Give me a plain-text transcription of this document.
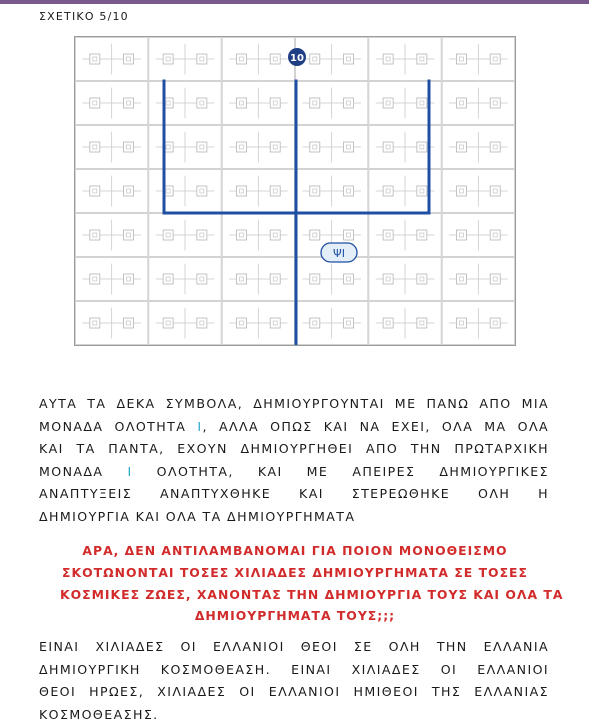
ΣΧΕΤΙΚΟ 5/10
10
ΨΙ
ΑΥΤΑ ΤΑ ΔΕΚΑ ΣΥΜΒΟΛΑ, ΔΗΜΙΟΥΡΓΟΥΝΤΑΙ ΜΕ ΠΑΝΩ ΑΠΟ ΜΙΑ
ΜΟΝΑΔΑ ΟΛΟΤΗΤΑ Ι, ΑΛΛΑ ΟΠΩΣ ΚΑΙ ΝΑ ΕΧΕΙ, ΟΛΑ ΜΑ ΟΛΑ
ΚΑΙ ΤΑ ΠΑΝΤΑ, ΕΧΟΥΝ ΔΗΜΙΟΥΡΓΗΘΕΙ ΑΠΟ ΤΗΝ ΠΡΩΤΑΡΧΙΚΗ
ΜΟΝΑΔΑ Ι ΟΛΟΤΗΤΑ, ΚΑΙ ΜΕ ΑΠΕΙΡΕΣ ΔΗΜΙΟΥΡΓΙΚΕΣ
ΑΝΑΠΤΥΞΕΙΣ ΑΝΑΠΤΥΧΘΗΚΕ ΚΑΙ ΣΤΕΡΕΩΘΗΚΕ ΟΛΗ Η
ΔΗΜΙΟΥΡΓΙΑ ΚΑΙ ΟΛΑ ΤΑ ΔΗΜΙΟΥΡΓΗΜΑΤΑ
ΑΡΑ, ΔΕΝ ΑΝΤΙΛΑΜΒΑΝΟΜΑΙ ΓΙΑ ΠΟΙΟΝ ΜΟΝΟΘΕΙΣΜΟ
ΣΚΟΤΩΝΟΝΤΑΙ ΤΟΣΕΣ ΧΙΛΙΑΔΕΣ ΔΗΜΙΟΥΡΓΗΜΑΤΑ ΣΕ ΤΟΣΕΣ
ΚΟΣΜΙΚΕΣ ΖΩΕΣ, ΧΑΝΟΝΤΑΣ ΤΗΝ ΔΗΜΙΟΥΡΓΙΑ ΤΟΥΣ ΚΑΙ ΟΛΑ ΤΑ
ΔΗΜΙΟΥΡΓΗΜΑΤΑ ΤΟΥΣ;;;
ΕΙΝΑΙ ΧΙΛΙΑΔΕΣ ΟΙ ΕΛΛΑΝΙΟΙ ΘΕΟΙ ΣΕ ΟΛΗ ΤΗΝ ΕΛΛΑΝΙΑ
ΔΗΜΙΟΥΡΓΙΚΗ ΚΟΣΜΟΘΕΑΣΗ. ΕΙΝΑΙ ΧΙΛΙΑΔΕΣ ΟΙ ΕΛΛΑΝΙΟΙ
ΘΕΟΙ ΗΡΩΕΣ, ΧΙΛΙΑΔΕΣ ΟΙ ΕΛΛΑΝΙΟΙ ΗΜΙΘΕΟΙ ΤΗΣ ΕΛΛΑΝΙΑΣ
ΚΟΣΜΟΘΕΑΣΗΣ.
